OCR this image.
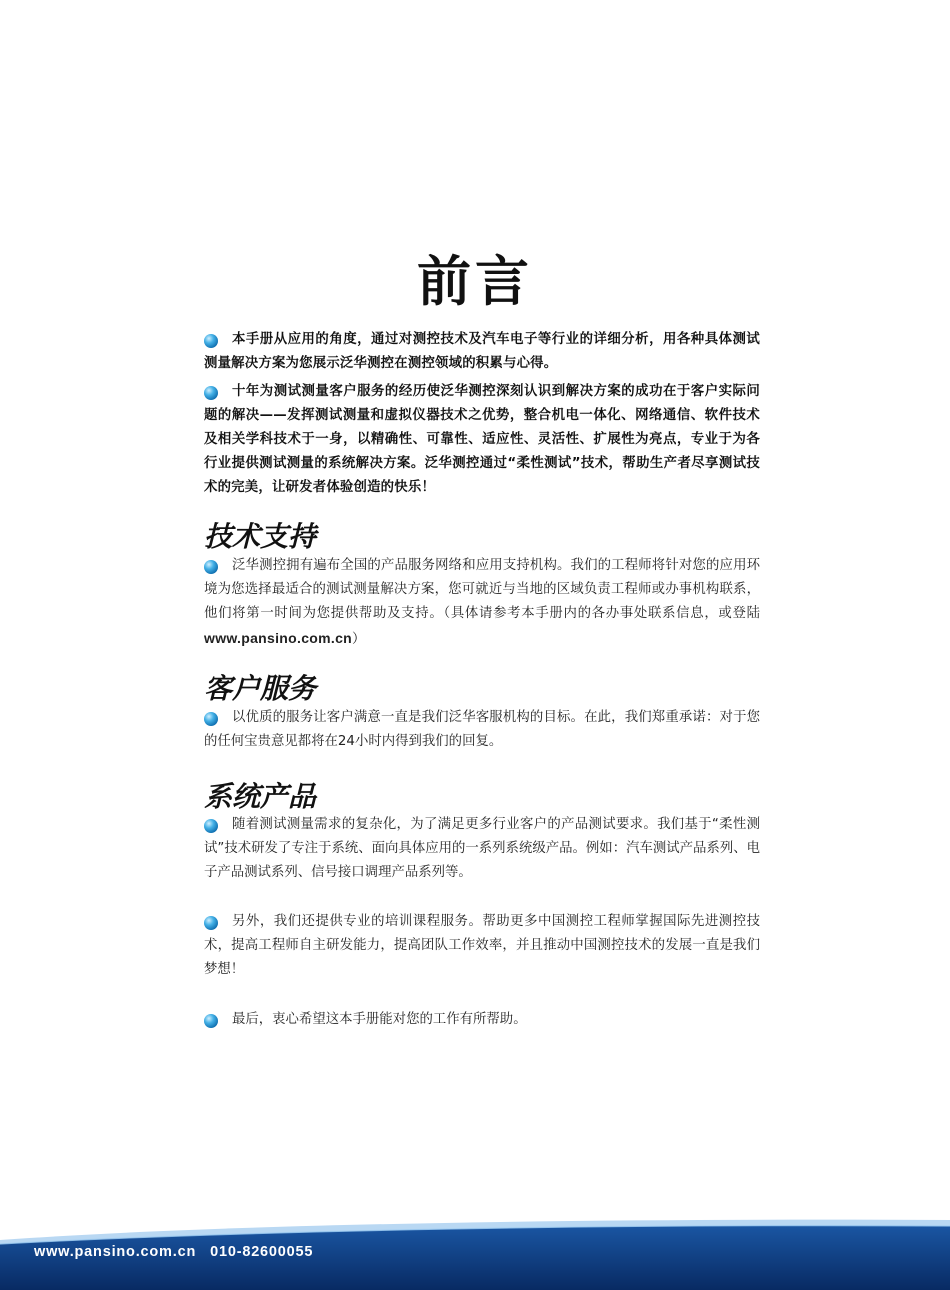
前言
本手册从应用的角度，通过对测控技术及汽车电子等行业的详细分析，用各种具体测试测量解决方案为您展示泛华测控在测控领域的积累与心得。
十年为测试测量客户服务的经历使泛华测控深刻认识到解决方案的成功在于客户实际问题的解决——发挥测试测量和虚拟仪器技术之优势，整合机电一体化、网络通信、软件技术及相关学科技术于一身，以精确性、可靠性、适应性、灵活性、扩展性为亮点，专业于为各行业提供测试测量的系统解决方案。泛华测控通过“柔性测试”技术，帮助生产者尽享测试技术的完美，让研发者体验创造的快乐！
技术支持
泛华测控拥有遍布全国的产品服务网络和应用支持机构。我们的工程师将针对您的应用环境为您选择最适合的测试测量解决方案，您可就近与当地的区域负责工程师或办事机构联系，他们将第一时间为您提供帮助及支持。（具体请参考本手册内的各办事处联系信息，或登陆www.pansino.com.cn）
客户服务
以优质的服务让客户满意一直是我们泛华客服机构的目标。在此，我们郑重承诺：对于您的任何宝贵意见都将在24小时内得到我们的回复。
系统产品
随着测试测量需求的复杂化，为了满足更多行业客户的产品测试要求。我们基于“柔性测试”技术研发了专注于系统、面向具体应用的一系列系统级产品。例如：汽车测试产品系列、电子产品测试系列、信号接口调理产品系列等。
另外，我们还提供专业的培训课程服务。帮助更多中国测控工程师掌握国际先进测控技术，提高工程师自主研发能力，提高团队工作效率，并且推动中国测控技术的发展一直是我们梦想！
最后，衷心希望这本手册能对您的工作有所帮助。
www.pansino.com.cn 010-82600055
